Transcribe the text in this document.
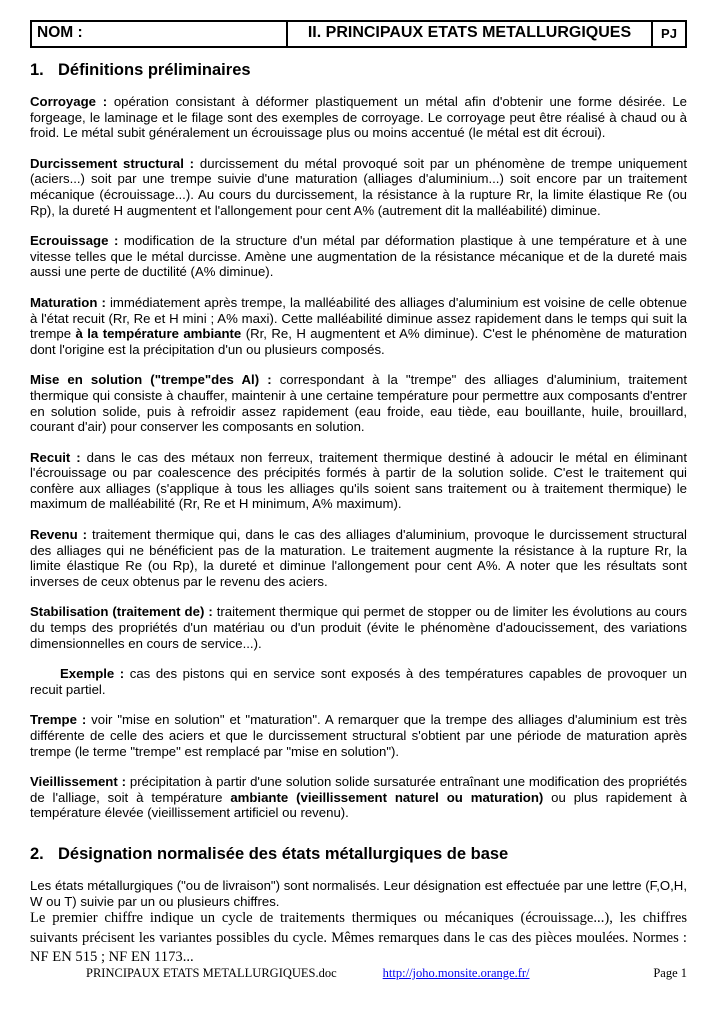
NOM :	II. PRINCIPAUX ETATS METALLURGIQUES	PJ
1. Définitions préliminaires

Corroyage : opération consistant à déformer plastiquement un métal afin d'obtenir une forme désirée. Le forgeage, le laminage et le filage sont des exemples de corroyage. Le corroyage peut être réalisé à chaud ou à froid. Le métal subit généralement un écrouissage plus ou moins accentué (le métal est dit écroui).

Durcissement structural : durcissement du métal provoqué soit par un phénomène de trempe uniquement (aciers...) soit par une trempe suivie d'une maturation (alliages d'aluminium...) soit encore par un traitement mécanique (écrouissage...). Au cours du durcissement, la résistance à la rupture Rr, la limite élastique Re (ou Rp), la dureté H augmentent et l'allongement pour cent A% (autrement dit la malléabilité) diminue.

Ecrouissage : modification de la structure d'un métal par déformation plastique à une température et à une vitesse telles que le métal durcisse. Amène une augmentation de la résistance mécanique et de la dureté mais aussi une perte de ductilité (A% diminue).

Maturation : immédiatement après trempe, la malléabilité des alliages d'aluminium est voisine de celle obtenue à l'état recuit (Rr, Re et H mini ; A% maxi). Cette malléabilité diminue assez rapidement dans le temps qui suit la trempe à la température ambiante (Rr, Re, H augmentent et A% diminue). C'est le phénomène de maturation dont l'origine est la précipitation d'un ou plusieurs composés.

Mise en solution ("trempe"des Al) : correspondant à la "trempe" des alliages d'aluminium, traitement thermique qui consiste à chauffer, maintenir à une certaine température pour permettre aux composants d'entrer en solution solide, puis à refroidir assez rapidement (eau froide, eau tiède, eau bouillante, huile, brouillard, courant d'air) pour conserver les composants en solution.

Recuit : dans le cas des métaux non ferreux, traitement thermique destiné à adoucir le métal en éliminant l'écrouissage ou par coalescence des précipités formés à partir de la solution solide. C'est le traitement qui confère aux alliages (s'applique à tous les alliages qu'ils soient sans traitement ou à traitement thermique) le maximum de malléabilité (Rr, Re et H minimum, A% maximum).

Revenu : traitement thermique qui, dans le cas des alliages d'aluminium, provoque le durcissement structural des alliages qui ne bénéficient pas de la maturation. Le traitement augmente la résistance à la rupture Rr, la limite élastique Re (ou Rp), la dureté et diminue l'allongement pour cent A%. A noter que les résultats sont inverses de ceux obtenus par le revenu des aciers.

Stabilisation (traitement de) : traitement thermique qui permet de stopper ou de limiter les évolutions au cours du temps des propriétés d'un matériau ou d'un produit (évite le phénomène d'adoucissement, des variations dimensionnelles en cours de service...).

Exemple : cas des pistons qui en service sont exposés à des températures capables de provoquer un recuit partiel.

Trempe : voir "mise en solution" et "maturation". A remarquer que la trempe des alliages d'aluminium est très différente de celle des aciers et que le durcissement structural s'obtient par une période de maturation après trempe (le terme "trempe" est remplacé par "mise en solution").

Vieillissement : précipitation à partir d'une solution solide sursaturée entraînant une modification des propriétés de l'alliage, soit à température ambiante (vieillissement naturel ou maturation) ou plus rapidement à température élevée (vieillissement artificiel ou revenu).

2. Désignation normalisée des états métallurgiques de base

Les états métallurgiques ("ou de livraison") sont normalisés. Leur désignation est effectuée par une lettre (F,O,H, W ou T) suivie par un ou plusieurs chiffres.

Le premier chiffre indique un cycle de traitements thermiques ou mécaniques (écrouissage...), les chiffres suivants précisent les variantes possibles du cycle. Mêmes remarques dans le cas des pièces moulées. Normes : NF EN 515 ; NF EN 1173...

PRINCIPAUX ETATS METALLURGIQUES.doc	http://joho.monsite.orange.fr/	Page 1
